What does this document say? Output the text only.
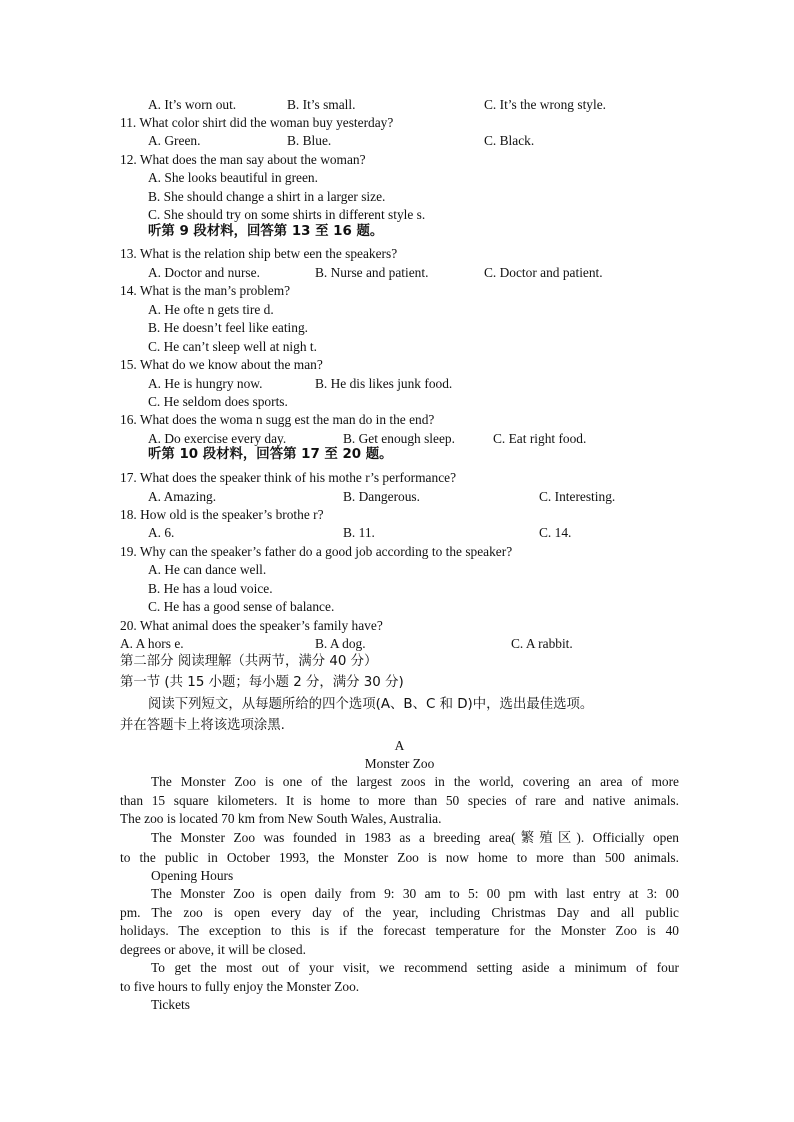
A. It’s worn out.	B. It’s small.	C. It’s the wrong style.
11. What color shirt did the woman buy yesterday?
A. Green.	B. Blue.	C. Black.
12. What does the man say about the woman?
A. She looks beautiful in green.
B. She should change a shirt in a larger size.
C. She should try on some shirts in different style s.
听第 9 段材料，回答第 13 至 16 题。
13. What is the relation ship betw een the speakers?
A. Doctor and nurse.	B. Nurse and patient.	C. Doctor and patient.
14. What is the man’s problem?
A. He ofte n gets tire d.
B. He doesn’t feel like eating.
C. He can’t sleep well at nigh t.
15. What do we know about the man?
A. He is hungry now.	B. He dis likes junk food.
C. He seldom does sports.
16. What does the woma n sugg est the man do in the end?
A. Do exercise every day.	B. Get enough sleep.	C. Eat right food.
听第 10 段材料，回答第 17 至 20 题。
17. What does the speaker think of his mothe r’s performance?
A. Amazing.	B. Dangerous.	C. Interesting.
18. How old is the speaker’s brothe r?
A. 6.	B. 11.	C. 14.
19. Why can the speaker’s father do a good job according to the speaker?
A. He can dance well.
B. He has a loud voice.
C. He has a good sense of balance.
20. What animal does the speaker’s family have?
A. A hors e.	B. A dog.	C. A rabbit.
第二部分 阅读理解（共两节，满分 40 分）
第一节 (共 15 小题；每小题 2 分，满分 30 分)
阅读下列短文，从每题所给的四个选项(A、B、C 和 D)中，选出最佳选项。
并在答题卡上将该选项涂黑.
A
Monster Zoo
The Monster Zoo is one of the largest zoos in the world, covering an area of more
than 15 square kilometers. It is home to more than 50 species of rare and native animals.
The zoo is located 70 km from New South Wales, Australia.
The Monster Zoo was founded in 1983 as a breeding area(繁殖区). Officially open
to the public in October 1993, the Monster Zoo is now home to more than 500 animals.
Opening Hours
The Monster Zoo is open daily from 9: 30 am to 5: 00 pm with last entry at 3: 00
pm. The zoo is open every day of the year, including Christmas Day and all public
holidays. The exception to this is if the forecast temperature for the Monster Zoo is 40
degrees or above, it will be closed.
To get the most out of your visit, we recommend setting aside a minimum of four
to five hours to fully enjoy the Monster Zoo.
Tickets
